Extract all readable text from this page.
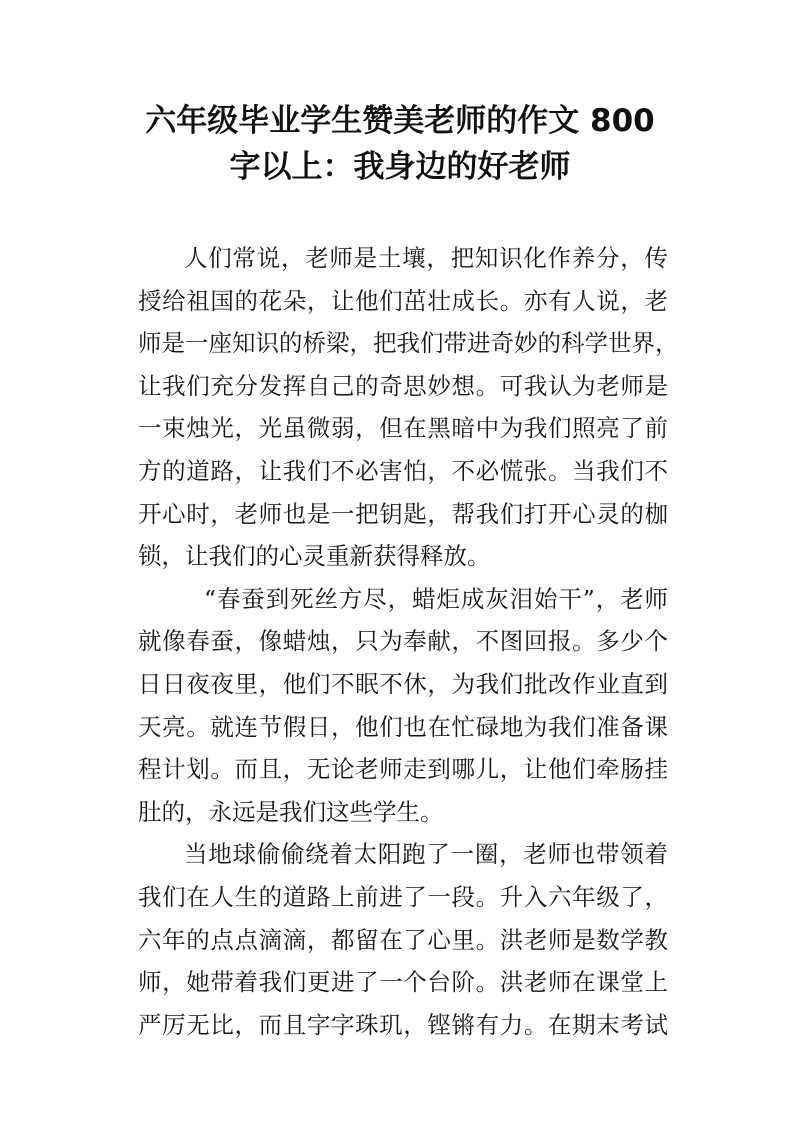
六年级毕业学生赞美老师的作文 800
字以上：我身边的好老师
人们常说，老师是土壤，把知识化作养分，传
授给祖国的花朵，让他们茁壮成长。亦有人说，老
师是一座知识的桥梁，把我们带进奇妙的科学世界，
让我们充分发挥自己的奇思妙想。可我认为老师是
一束烛光，光虽微弱，但在黑暗中为我们照亮了前
方的道路，让我们不必害怕，不必慌张。当我们不
开心时，老师也是一把钥匙，帮我们打开心灵的枷
锁，让我们的心灵重新获得释放。
“春蚕到死丝方尽，蜡炬成灰泪始干”，老师
就像春蚕，像蜡烛，只为奉献，不图回报。多少个
日日夜夜里，他们不眠不休，为我们批改作业直到
天亮。就连节假日，他们也在忙碌地为我们准备课
程计划。而且，无论老师走到哪儿，让他们牵肠挂
肚的，永远是我们这些学生。
当地球偷偷绕着太阳跑了一圈，老师也带领着
我们在人生的道路上前进了一段。升入六年级了，
六年的点点滴滴，都留在了心里。洪老师是数学教
师，她带着我们更进了一个台阶。洪老师在课堂上
严厉无比，而且字字珠玑，铿锵有力。在期末考试
